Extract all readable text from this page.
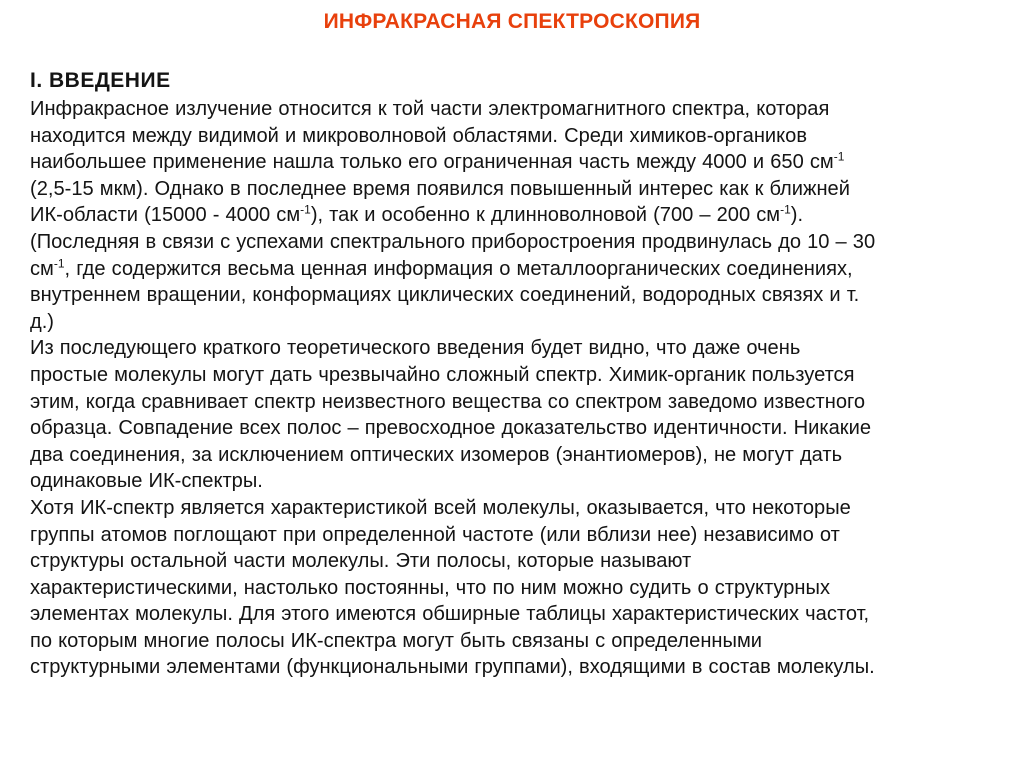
ИНФРАКРАСНАЯ СПЕКТРОСКОПИЯ
I. ВВЕДЕНИЕ
Инфракрасное излучение относится к той части электромагнитного спектра, которая
находится между видимой и микроволновой областями. Среди химиков-органиков
наибольшее применение нашла только его ограниченная часть между 4000 и 650 $см^{-1}$
(2,5-15 мкм). Однако в последнее время появился повышенный интерес как к ближней
ИК-области (15000 - 4000 $см^{-1}$), так и особенно к длинноволновой (700 – 200 $см^{-1}$).
(Последняя в связи с успехами спектрального приборостроения продвинулась до 10 – 30
$см^{-1}$, где содержится весьма ценная информация о металлоорганических соединениях,
внутреннем вращении, конформациях циклических соединений, водородных связях и т.
д.)
Из последующего краткого теоретического введения будет видно, что даже очень
простые молекулы могут дать чрезвычайно сложный спектр. Химик-органик пользуется
этим, когда сравнивает спектр неизвестного вещества со спектром заведомо известного
образца. Совпадение всех полос – превосходное доказательство идентичности. Никакие
два соединения, за исключением оптических изомеров (энантиомеров), не могут дать
одинаковые ИК-спектры.
Хотя ИК-спектр является характеристикой всей молекулы, оказывается, что некоторые
группы атомов поглощают при определенной частоте (или вблизи нее) независимо от
структуры остальной части молекулы. Эти полосы, которые называют
характеристическими, настолько постоянны, что по ним можно судить о структурных
элементах молекулы. Для этого имеются обширные таблицы характеристических частот,
по которым многие полосы ИК-спектра могут быть связаны с определенными
структурными элементами (функциональными группами), входящими в состав молекулы.
